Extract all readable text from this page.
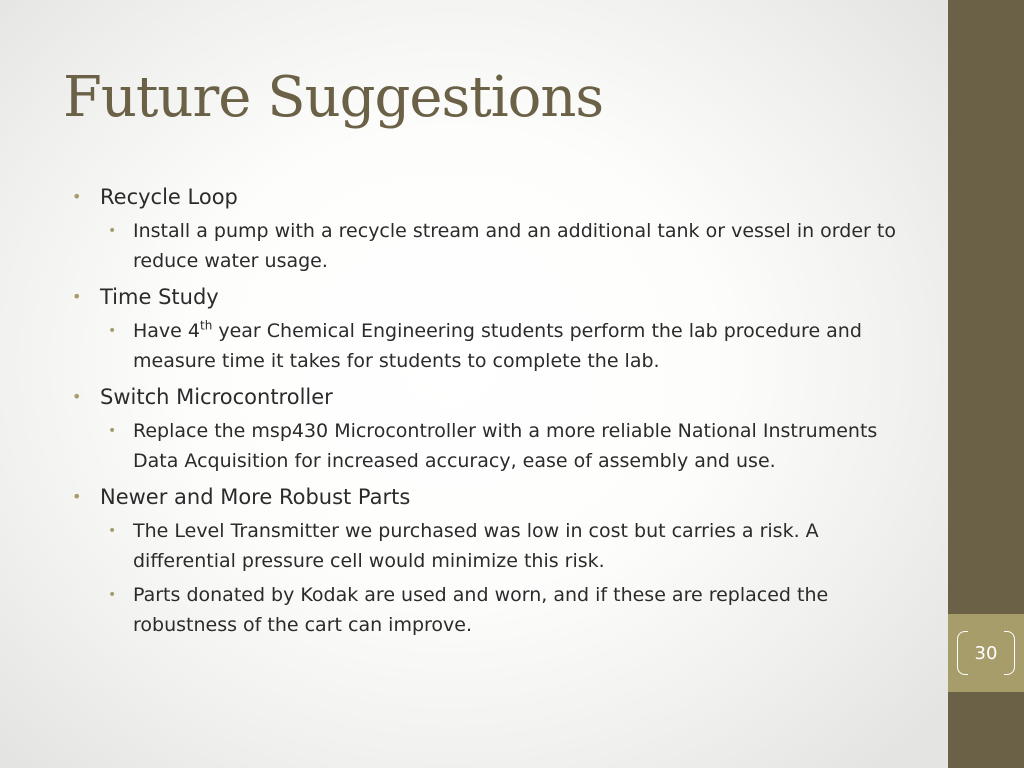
Future Suggestions
• Recycle Loop
• Install a pump with a recycle stream and an additional tank or vessel in order to reduce water usage.
• Time Study
• Have 4th year Chemical Engineering students perform the lab procedure and measure time it takes for students to complete the lab.
• Switch Microcontroller
• Replace the msp430 Microcontroller with a more reliable National Instruments Data Acquisition for increased accuracy, ease of assembly and use.
• Newer and More Robust Parts
• The Level Transmitter we purchased was low in cost but carries a risk. A differential pressure cell would minimize this risk.
• Parts donated by Kodak are used and worn, and if these are replaced the robustness of the cart can improve.
30
